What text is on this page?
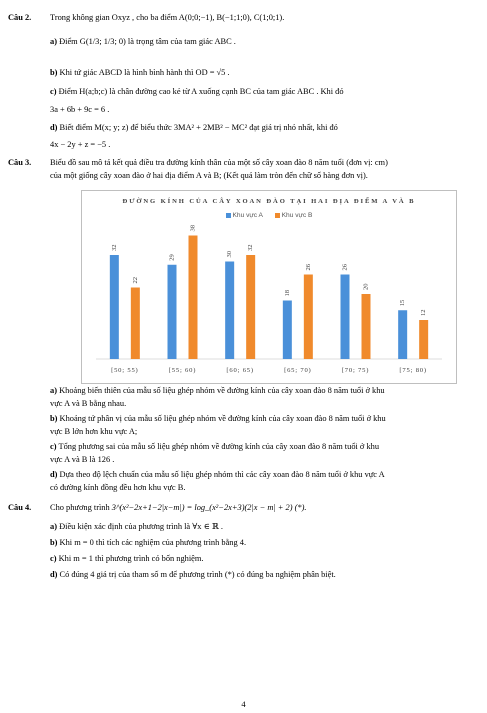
Câu 2. Trong không gian Oxyz , cho ba điểm A(0;0;−1), B(−1;1;0), C(1;0;1).
a) Điểm G(1/3; 1/3; 0) là trọng tâm của tam giác ABC .
b) Khi tứ giác ABCD là hình bình hành thì OD = √5 .
c) Điểm H(a;b;c) là chân đường cao kẻ từ A xuống cạnh BC của tam giác ABC . Khi đó
3a + 6b + 9c = 6 .
d) Biết điểm M(x; y; z) để biểu thức 3MA² + 2MB² − MC² đạt giá trị nhỏ nhất, khi đó
4x − 2y + z = −5 .
Câu 3. Biểu đồ sau mô tả kết quả điều tra đường kính thân của một số cây xoan đào 8 năm tuổi (đơn vị: cm)
của một giống cây xoan đào ở hai địa điểm A và B; (Kết quả làm tròn đến chữ số hàng đơn vị).
ĐƯỜNG KÍNH CỦA CÂY XOAN ĐÀO TẠI HAI ĐỊA ĐIỂM A VÀ B
Khu vực A	Khu vực B
32
22
[50; 55)
29
38
[55; 60)
30
32
[60; 65)
18
26
[65; 70)
26
20
[70; 75)
15
12
[75; 80)
a) Khoảng biến thiên của mẫu số liệu ghép nhóm về đường kính của cây xoan đào 8 năm tuổi ở khu
vực A và B bằng nhau.
b) Khoảng tứ phân vị của mẫu số liệu ghép nhóm về đường kính của cây xoan đào 8 năm tuổi ở khu
vực B lớn hơn khu vực A;
c) Tổng phương sai của mẫu số liệu ghép nhóm về đường kính của cây xoan đào 8 năm tuổi ở khu
vực A và B là 126 .
d) Dựa theo độ lệch chuẩn của mẫu số liệu ghép nhóm thì các cây xoan đào 8 năm tuổi ở khu vực A
có đường kính đồng đều hơn khu vực B.
Câu 4. Cho phương trình 3^(x²−2x+1−2|x−m|) = log_(x²−2x+3)(2|x − m| + 2) (*).
a) Điều kiện xác định của phương trình là ∀x ∈ ℝ .
b) Khi m = 0 thì tích các nghiệm của phương trình bằng 4.
c) Khi m = 1 thì phương trình có bốn nghiệm.
d) Có đúng 4 giá trị của tham số m để phương trình (*) có đúng ba nghiệm phân biệt.
4
